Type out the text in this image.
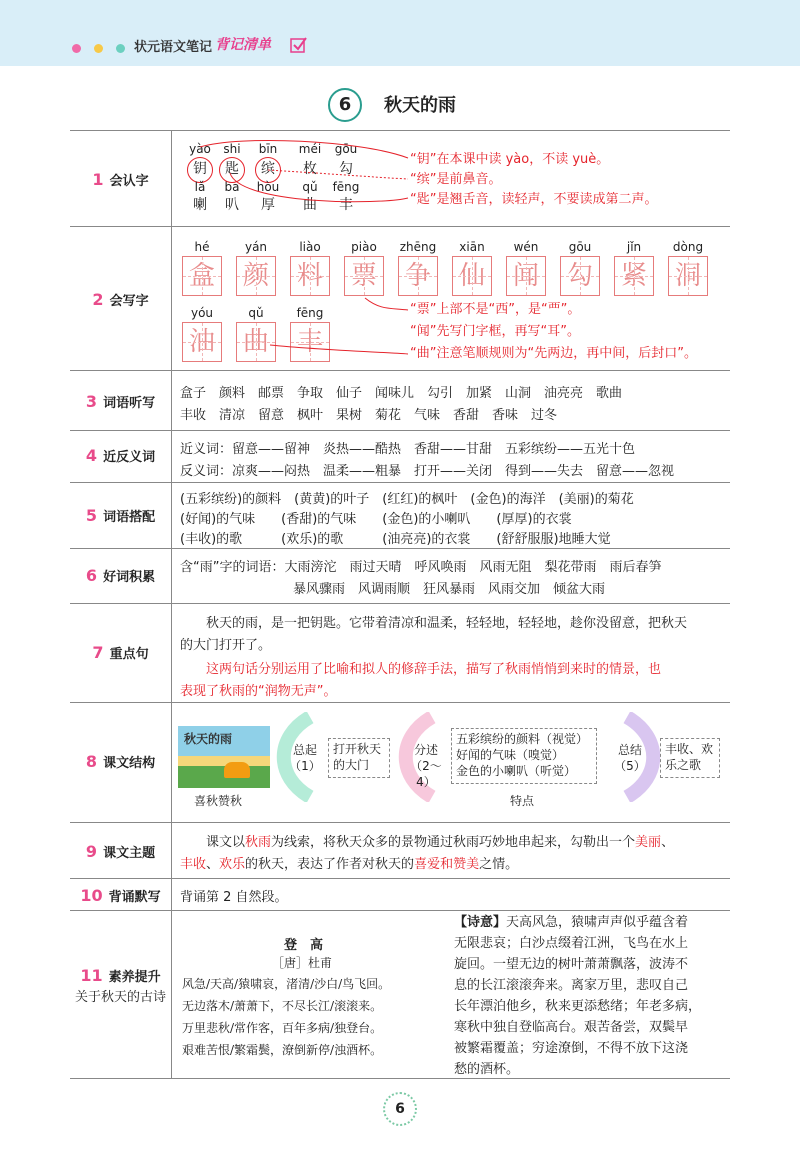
状元语文笔记 背记清单
6	秋天的雨
1 会认字
2 会写字
3 词语听写
4 近反义词
5 词语搭配
6 好词积累
7 重点句
8 课文结构
9 课文主题
10 背诵默写
11 素养提升
关于秋天的古诗
yào
钥
shi
匙
bīn
缤
méi
枚
gōu
勾
lǎ
喇
ba
叭
hòu
厚
qǔ
曲
fēng
丰
“钥”在本课中读 yào，不读 yuè。
“缤”是前鼻音。
“匙”是翘舌音，读轻声，不要读成第二声。
hé
盒
yán
颜
liào
料
piào
票
zhēng
争
xiān
仙
wén
闻
gōu
勾
jǐn
紧
dòng
洞
yóu
油
qǔ
曲
fēng
丰
“票”上部不是“西”，是“覀”。
“闻”先写门字框，再写“耳”。
“曲”注意笔顺规则为“先两边，再中间，后封口”。
盒子　颜料　邮票　争取　仙子　闻味儿　勾引　加紧　山洞　油亮亮　歌曲
丰收　清凉　留意　枫叶　果树　菊花　气味　香甜　香味　过冬
近义词：留意——留神　炎热——酷热　香甜——甘甜　五彩缤纷——五光十色
反义词：凉爽——闷热　温柔——粗暴　打开——关闭　得到——失去　留意——忽视
(五彩缤纷)的颜料　(黄黄)的叶子　(红红)的枫叶　(金色)的海洋　(美丽)的菊花
(好闻)的气味　　(香甜)的气味　　(金色)的小喇叭　　(厚厚)的衣裳
(丰收)的歌　　　(欢乐)的歌　　　(油亮亮)的衣裳　　(舒舒服服)地睡大觉
含“雨”字的词语：大雨滂沱　雨过天晴　呼风唤雨　风雨无阻　梨花带雨　雨后春笋
暴风骤雨　风调雨顺　狂风暴雨　风雨交加　倾盆大雨
秋天的雨，是一把钥匙。它带着清凉和温柔，轻轻地，轻轻地，趁你没留意，把秋天
的大门打开了。
这两句话分别运用了比喻和拟人的修辞手法，描写了秋雨悄悄到来时的情景，也
表现了秋雨的“润物无声”。
秋天的雨
喜秋赞秋
总起
（1）
打开秋天
的大门
分述
（2～4）
五彩缤纷的颜料（视觉）
好闻的气味（嗅觉）
金色的小喇叭（听觉）
特点
总结
（5）
丰收、欢
乐之歌
课文以秋雨为线索，将秋天众多的景物通过秋雨巧妙地串起来，勾勒出一个美丽、
丰收、欢乐的秋天，表达了作者对秋天的喜爱和赞美之情。
背诵第 2 自然段。
登　高
［唐］杜甫
风急/天高/猿啸哀，渚清/沙白/鸟飞回。
无边落木/萧萧下，不尽长江/滚滚来。
万里悲秋/常作客，百年多病/独登台。
艰难苦恨/繁霜鬓，潦倒新停/浊酒杯。
【诗意】天高风急，猿啸声声似乎蕴含着
无限悲哀；白沙点缀着江洲，飞鸟在水上
旋回。一望无边的树叶萧萧飘落，波涛不
息的长江滚滚奔来。离家万里，悲叹自己
长年漂泊他乡，秋来更添愁绪；年老多病，
寒秋中独自登临高台。艰苦备尝，双鬓早
被繁霜覆盖；穷途潦倒，不得不放下这浇
愁的酒杯。
6
